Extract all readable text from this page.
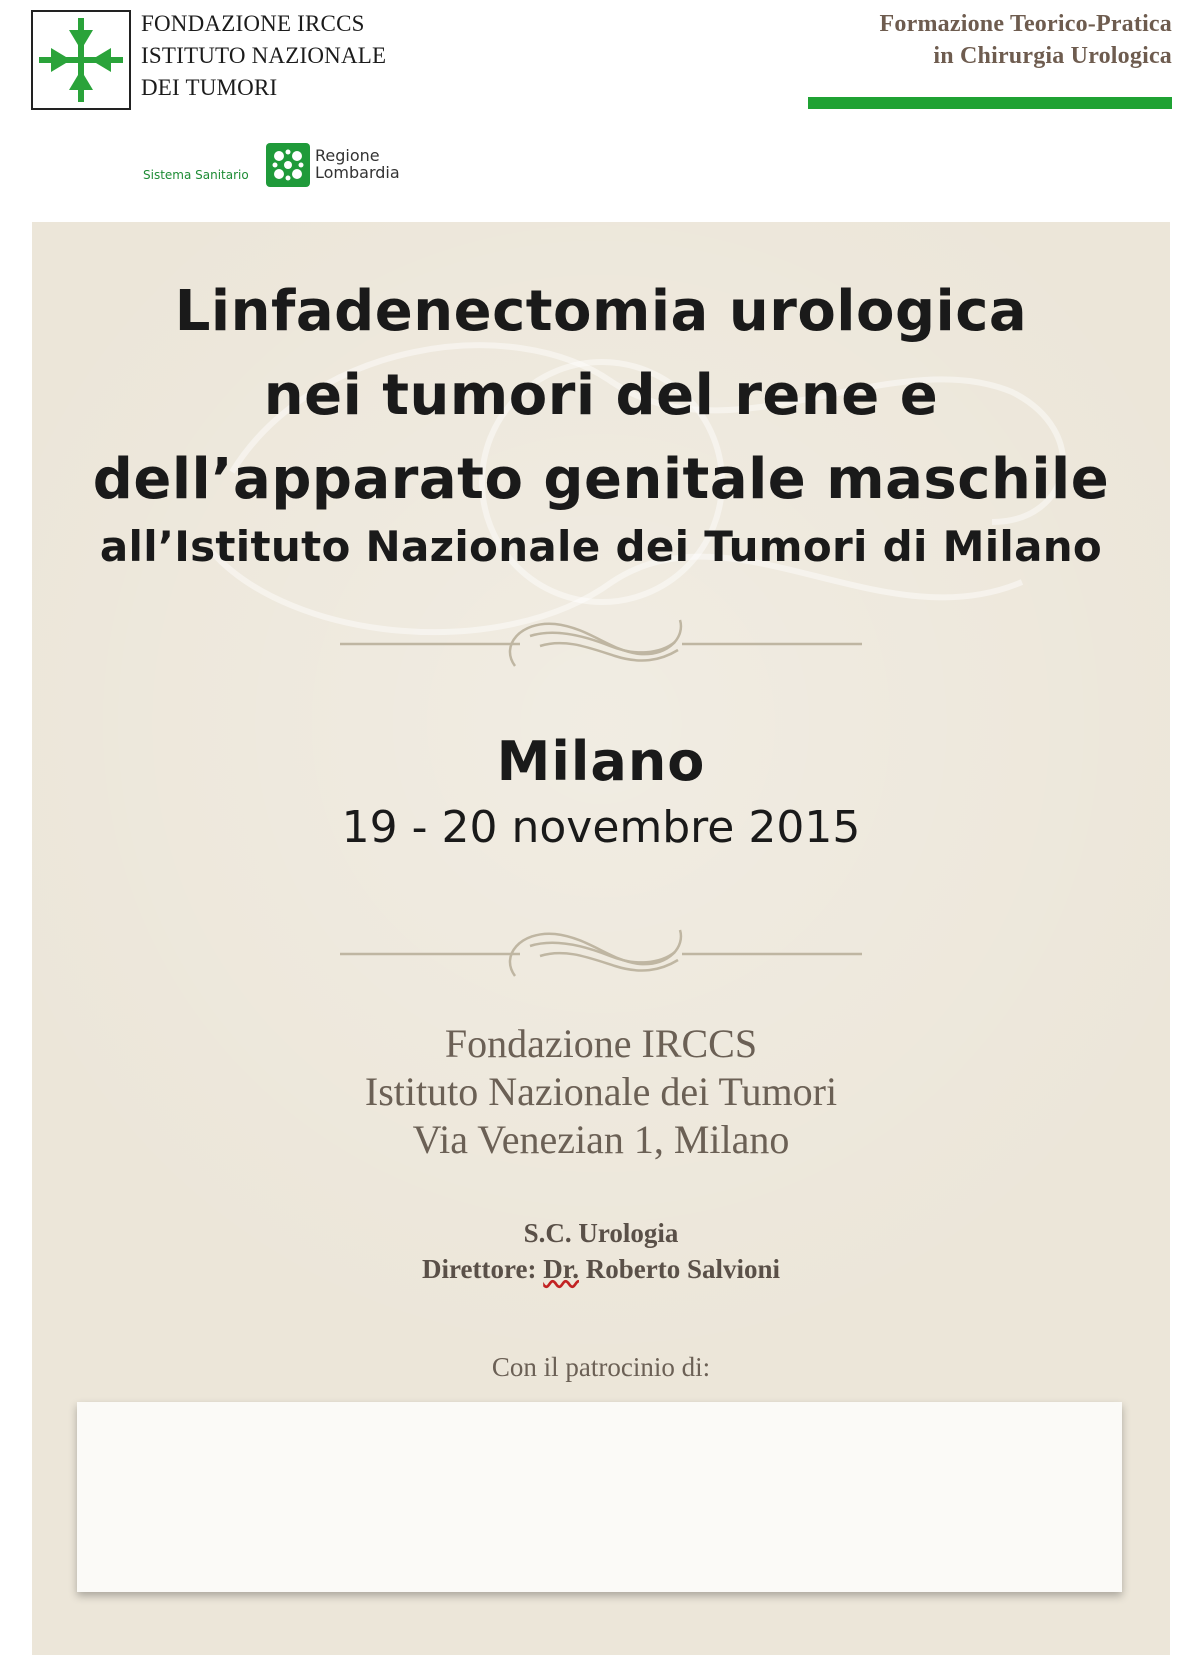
FONDAZIONE IRCCS
ISTITUTO NAZIONALE
DEI TUMORI
Formazione Teorico-Pratica
in Chirurgia Urologica
Sistema Sanitario
Regione
Lombardia
Linfadenectomia urologica
nei tumori del rene e
dell’apparato genitale maschile
all’Istituto Nazionale dei Tumori di Milano
Milano
19 - 20 novembre 2015
Fondazione IRCCS
Istituto Nazionale dei Tumori
Via Venezian 1, Milano
S.C. Urologia
Direttore: Dr. Roberto Salvioni
Con il patrocinio di:
